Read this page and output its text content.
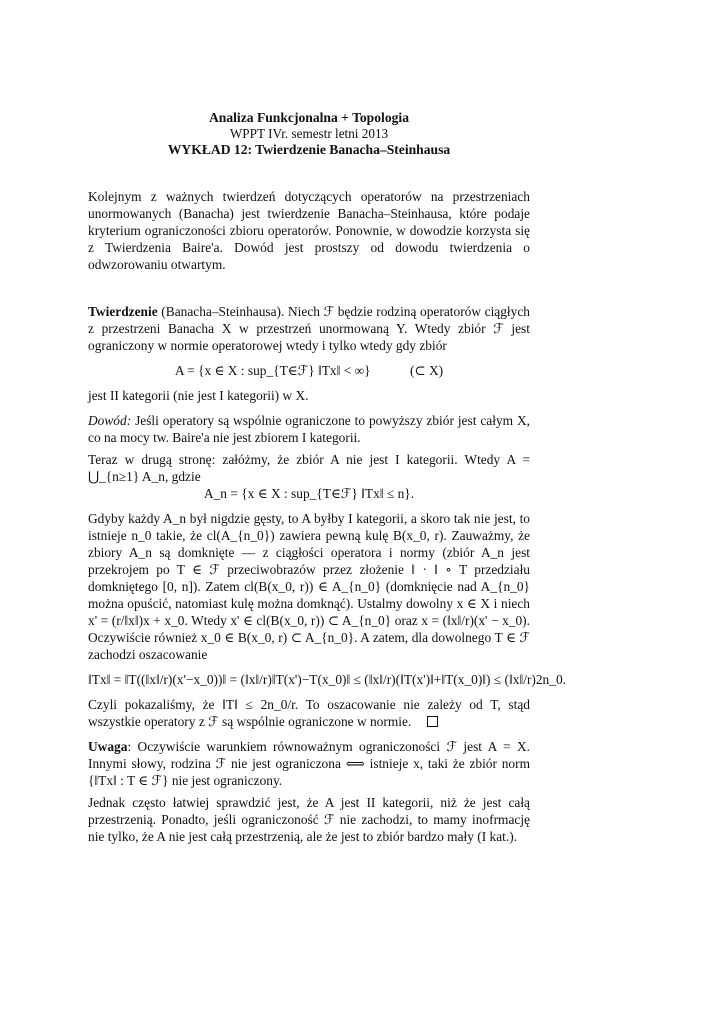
Analiza Funkcjonalna + Topologia
WPPT IVr. semestr letni 2013
WYKŁAD 12: Twierdzenie Banacha–Steinhausa

Kolejnym z ważnych twierdzeń dotyczących operatorów na przestrzeniach unormowanych (Banacha) jest twierdzenie Banacha–Steinhausa, które podaje kryterium ograniczoności zbioru operatorów. Ponownie, w dowodzie korzysta się z Twierdzenia Baire'a. Dowód jest prostszy od dowodu twierdzenia o odwzorowaniu otwartym.

Twierdzenie (Banacha–Steinhausa). Niech ℱ będzie rodziną operatorów ciągłych z przestrzeni Banacha X w przestrzeń unormowaną Y. Wtedy zbiór ℱ jest ograniczony w normie operatorowej wtedy i tylko wtedy gdy zbiór

A = {x ∈ X : sup_{T∈ℱ} ‖Tx‖ < ∞}	(⊂ X)

jest II kategorii (nie jest I kategorii) w X.

Dowód: Jeśli operatory są wspólnie ograniczone to powyższy zbiór jest całym X, co na mocy tw. Baire'a nie jest zbiorem I kategorii.

Teraz w drugą stronę: załóżmy, że zbiór A nie jest I kategorii. Wtedy A = ⋃_{n≥1} A_n, gdzie

A_n = {x ∈ X : sup_{T∈ℱ} ‖Tx‖ ≤ n}.

Gdyby każdy A_n był nigdzie gęsty, to A byłby I kategorii, a skoro tak nie jest, to istnieje n_0 takie, że cl(A_{n_0}) zawiera pewną kulę B(x_0, r). Zauważmy, że zbiory A_n są domknięte — z ciągłości operatora i normy (zbiór A_n jest przekrojem po T ∈ ℱ przeciwobrazów przez złożenie ‖ · ‖ ∘ T przedziału domkniętego [0, n]). Zatem cl(B(x_0, r)) ∈ A_{n_0} (domknięcie nad A_{n_0} można opuścić, natomiast kulę można domknąć). Ustalmy dowolny x ∈ X i niech x' = (r/‖x‖)x + x_0. Wtedy x' ∈ cl(B(x_0, r)) ⊂ A_{n_0} oraz x = (‖x‖/r)(x' − x_0). Oczywiście również x_0 ∈ B(x_0, r) ⊂ A_{n_0}. A zatem, dla dowolnego T ∈ ℱ zachodzi oszacowanie

‖Tx‖ = ‖T((‖x‖/r)(x'−x_0))‖ = (‖x‖/r)‖T(x')−T(x_0)‖ ≤ (‖x‖/r)(‖T(x')‖+‖T(x_0)‖) ≤ (‖x‖/r)2n_0.

Czyli pokazaliśmy, że ‖T‖ ≤ 2n_0/r. To oszacowanie nie zależy od T, stąd wszystkie operatory z ℱ są wspólnie ograniczone w normie.

Uwaga: Oczywiście warunkiem równoważnym ograniczoności ℱ jest A = X. Innymi słowy, rodzina ℱ nie jest ograniczona ⟺ istnieje x, taki że zbiór norm {‖Tx‖ : T ∈ ℱ} nie jest ograniczony.

Jednak często łatwiej sprawdzić jest, że A jest II kategorii, niż że jest całą przestrzenią. Ponadto, jeśli ograniczoność ℱ nie zachodzi, to mamy inofrmację nie tylko, że A nie jest całą przestrzenią, ale że jest to zbiór bardzo mały (I kat.).
